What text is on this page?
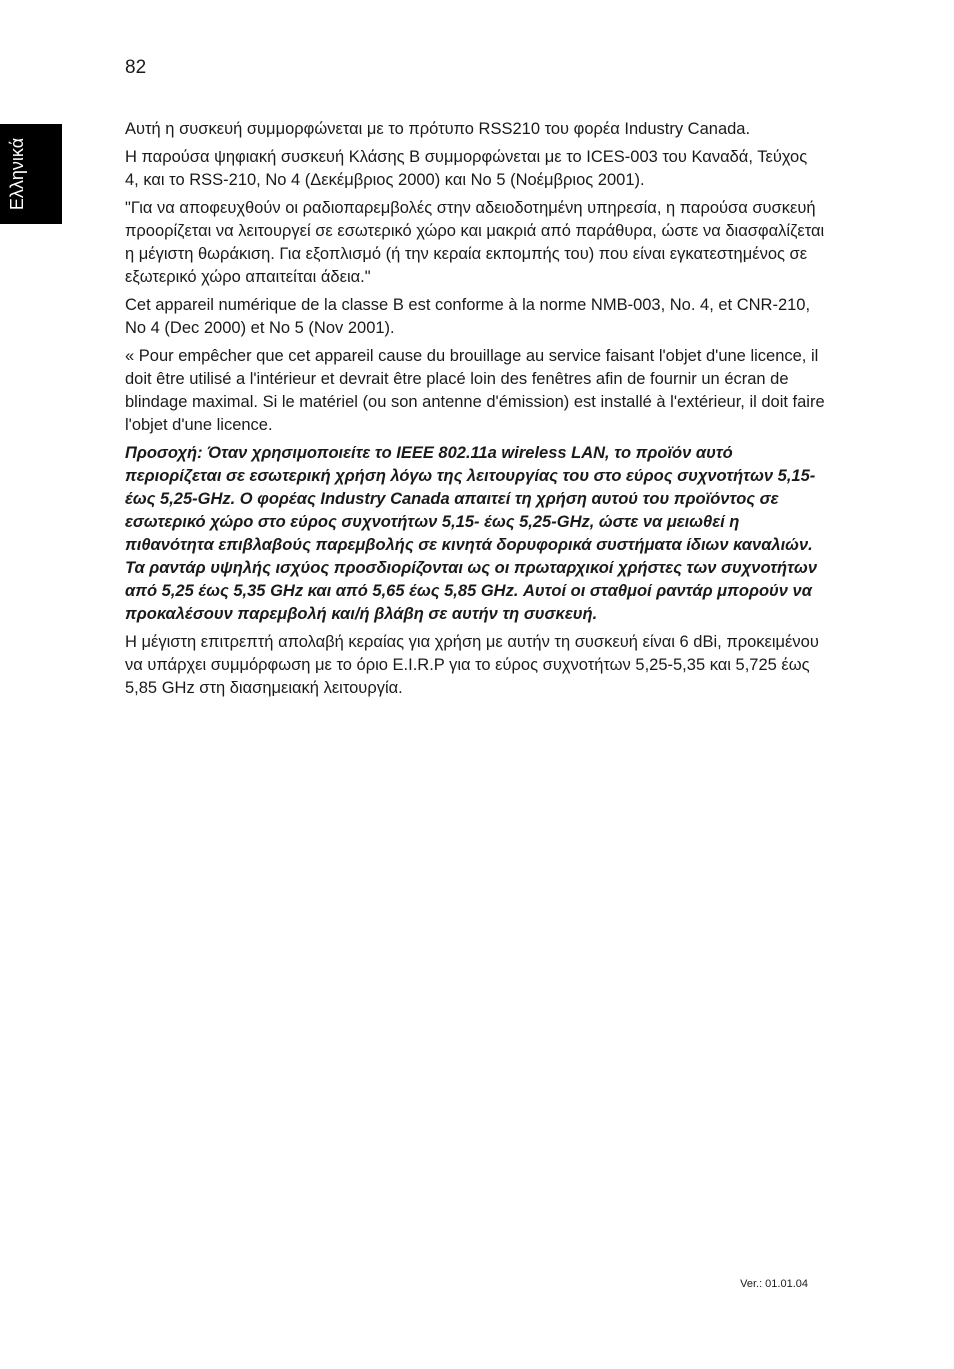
82
Ελληνικά

Αυτή η συσκευή συμμορφώνεται με το πρότυπο RSS210 του φορέα Industry Canada.

Η παρούσα ψηφιακή συσκευή Κλάσης B συμμορφώνεται με το ICES-003 του Καναδά, Τεύχος 4, και το RSS-210, No 4 (Δεκέμβριος 2000) και No 5 (Νοέμβριος 2001).

"Για να αποφευχθούν οι ραδιοπαρεμβολές στην αδειοδοτημένη υπηρεσία, η παρούσα συσκευή προορίζεται να λειτουργεί σε εσωτερικό χώρο και μακριά από παράθυρα, ώστε να διασφαλίζεται η μέγιστη θωράκιση. Για εξοπλισμό (ή την κεραία εκπομπής του) που είναι εγκατεστημένος σε εξωτερικό χώρο απαιτείται άδεια."

Cet appareil numérique de la classe B est conforme à la norme NMB-003, No. 4, et CNR-210, No 4 (Dec 2000) et No 5 (Nov 2001).

« Pour empêcher que cet appareil cause du brouillage au service faisant l'objet d'une licence, il doit être utilisé a l'intérieur et devrait être placé loin des fenêtres afin de fournir un écran de blindage maximal. Si le matériel (ou son antenne d'émission) est installé à l'extérieur, il doit faire l'objet d'une licence.

Προσοχή: Όταν χρησιμοποιείτε το IEEE 802.11a wireless LAN, το προϊόν αυτό περιορίζεται σε εσωτερική χρήση λόγω της λειτουργίας του στο εύρος συχνοτήτων 5,15- έως 5,25-GHz. Ο φορέας Industry Canada απαιτεί τη χρήση αυτού του προϊόντος σε εσωτερικό χώρο στο εύρος συχνοτήτων 5,15- έως 5,25-GHz, ώστε να μειωθεί η πιθανότητα επιβλαβούς παρεμβολής σε κινητά δορυφορικά συστήματα ίδιων καναλιών. Τα ραντάρ υψηλής ισχύος προσδιορίζονται ως οι πρωταρχικοί χρήστες των συχνοτήτων από 5,25 έως 5,35 GHz και από 5,65 έως 5,85 GHz. Αυτοί οι σταθμοί ραντάρ μπορούν να προκαλέσουν παρεμβολή και/ή βλάβη σε αυτήν τη συσκευή.

Η μέγιστη επιτρεπτή απολαβή κεραίας για χρήση με αυτήν τη συσκευή είναι 6 dBi, προκειμένου να υπάρχει συμμόρφωση με το όριο E.I.R.P για το εύρος συχνοτήτων 5,25-5,35 και 5,725 έως 5,85 GHz στη διασημειακή λειτουργία.

Ver.: 01.01.04
